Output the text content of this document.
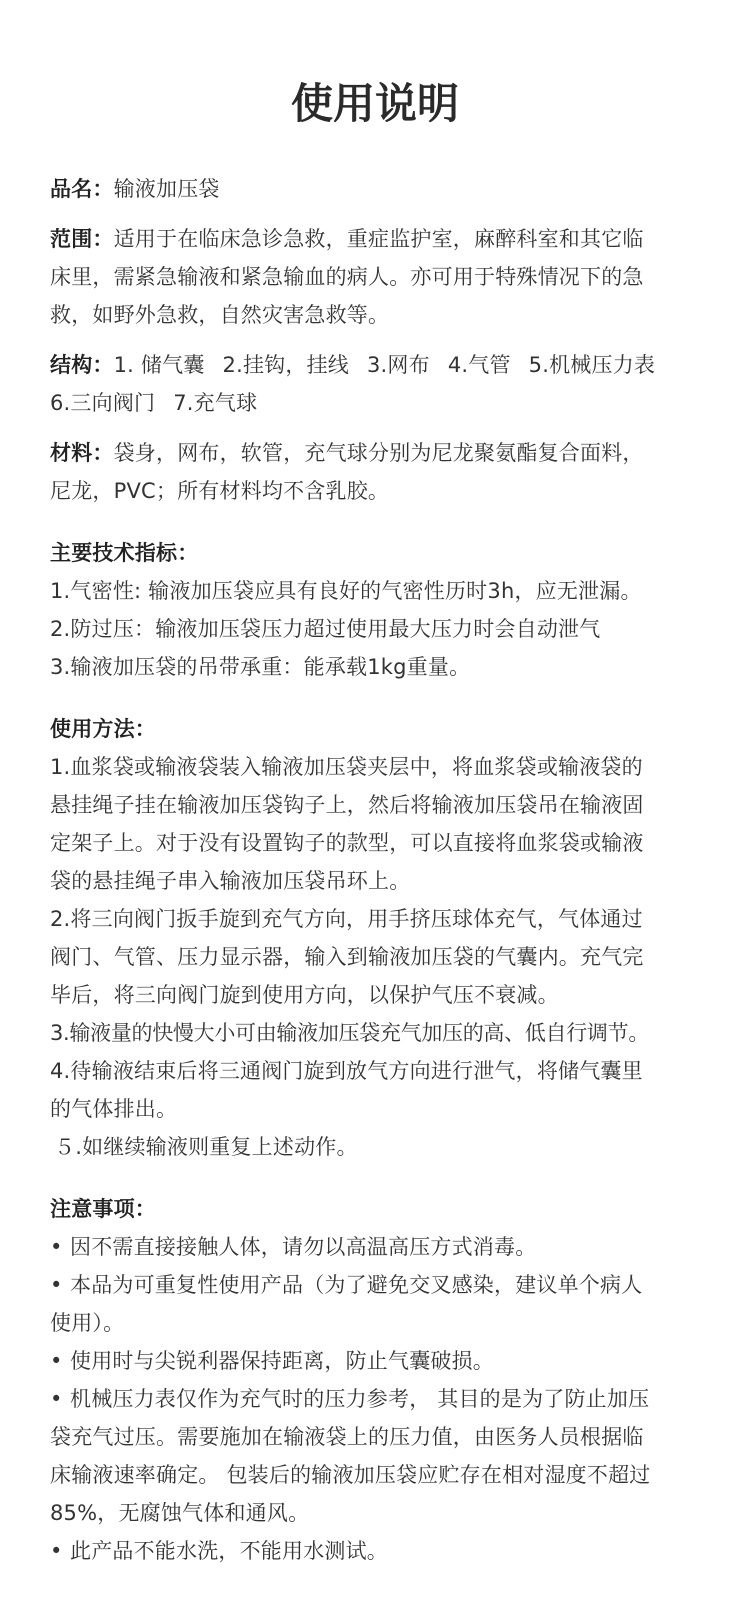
使用说明

品名：输液加压袋

范围：适用于在临床急诊急救，重症监护室，麻醉科室和其它临

床里，需紧急输液和紧急输血的病人。亦可用于特殊情况下的急

救，如野外急救，自然灾害急救等。

结构：1. 储气囊 2.挂钩，挂线 3.网布 4.气管 5.机械压力表

6.三向阀门 7.充气球

材料：袋身，网布，软管，充气球分别为尼龙聚氨酯复合面料，

尼龙，PVC；所有材料均不含乳胶。

主要技术指标：

1.气密性: 输液加压袋应具有良好的气密性历时3h，应无泄漏。

2.防过压：输液加压袋压力超过使用最大压力时会自动泄气

3.输液加压袋的吊带承重：能承载1kg重量。

使用方法：

1.血浆袋或输液袋装入输液加压袋夹层中，将血浆袋或输液袋的

悬挂绳子挂在输液加压袋钩子上，然后将输液加压袋吊在输液固

定架子上。对于没有设置钩子的款型，可以直接将血浆袋或输液

袋的悬挂绳子串入输液加压袋吊环上。

2.将三向阀门扳手旋到充气方向，用手挤压球体充气，气体通过

阀门、气管、压力显示器，输入到输液加压袋的气囊内。充气完

毕后，将三向阀门旋到使用方向，以保护气压不衰减。

3.输液量的快慢大小可由输液加压袋充气加压的高、低自行调节。

4.待输液结束后将三通阀门旋到放气方向进行泄气，将储气囊里

的气体排出。

５.如继续输液则重复上述动作。

注意事项：

• 因不需直接接触人体，请勿以高温高压方式消毒。

• 本品为可重复性使用产品（为了避免交叉感染，建议单个病人

使用）。

• 使用时与尖锐利器保持距离，防止气囊破损。

• 机械压力表仅作为充气时的压力参考， 其目的是为了防止加压

袋充气过压。需要施加在输液袋上的压力值，由医务人员根据临

床输液速率确定。 包装后的输液加压袋应贮存在相对湿度不超过

85%，无腐蚀气体和通风。

• 此产品不能水洗，不能用水测试。
